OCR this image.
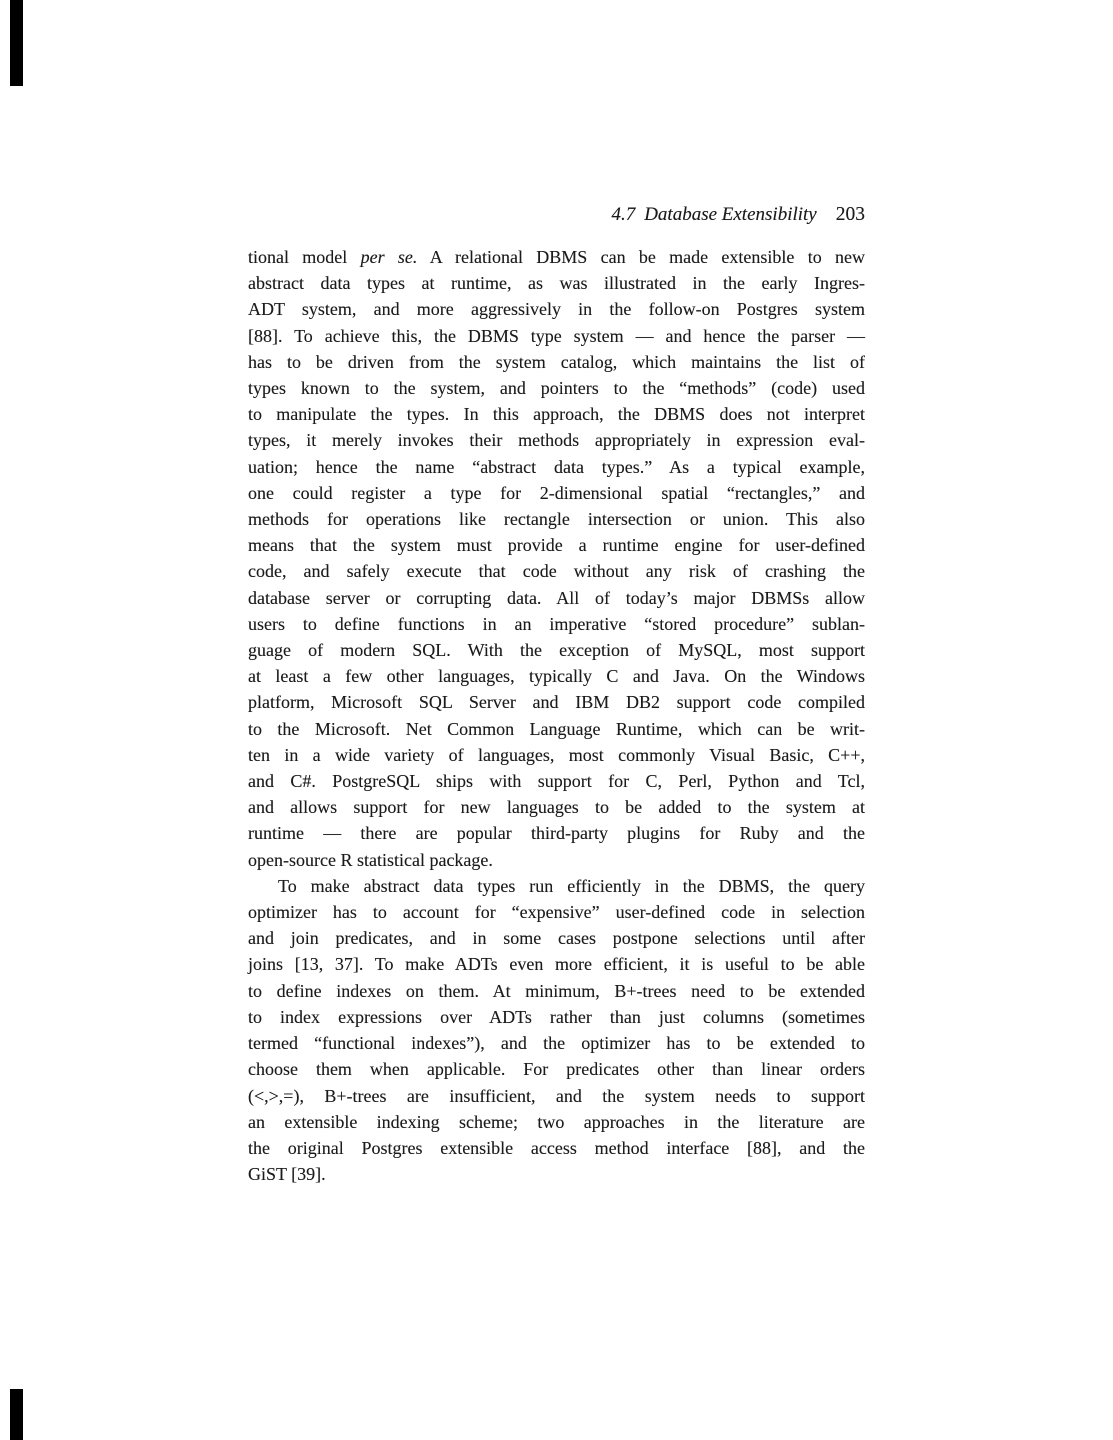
4.7 Database Extensibility 203
tional model per se. A relational DBMS can be made extensible to new
abstract data types at runtime, as was illustrated in the early Ingres-
ADT system, and more aggressively in the follow-on Postgres system
[88]. To achieve this, the DBMS type system — and hence the parser —
has to be driven from the system catalog, which maintains the list of
types known to the system, and pointers to the “methods” (code) used
to manipulate the types. In this approach, the DBMS does not interpret
types, it merely invokes their methods appropriately in expression eval-
uation; hence the name “abstract data types.” As a typical example,
one could register a type for 2-dimensional spatial “rectangles,” and
methods for operations like rectangle intersection or union. This also
means that the system must provide a runtime engine for user-defined
code, and safely execute that code without any risk of crashing the
database server or corrupting data. All of today’s major DBMSs allow
users to define functions in an imperative “stored procedure” sublan-
guage of modern SQL. With the exception of MySQL, most support
at least a few other languages, typically C and Java. On the Windows
platform, Microsoft SQL Server and IBM DB2 support code compiled
to the Microsoft. Net Common Language Runtime, which can be writ-
ten in a wide variety of languages, most commonly Visual Basic, C++,
and C#. PostgreSQL ships with support for C, Perl, Python and Tcl,
and allows support for new languages to be added to the system at
runtime — there are popular third-party plugins for Ruby and the
open-source R statistical package.
To make abstract data types run efficiently in the DBMS, the query
optimizer has to account for “expensive” user-defined code in selection
and join predicates, and in some cases postpone selections until after
joins [13, 37]. To make ADTs even more efficient, it is useful to be able
to define indexes on them. At minimum, B+-trees need to be extended
to index expressions over ADTs rather than just columns (sometimes
termed “functional indexes”), and the optimizer has to be extended to
choose them when applicable. For predicates other than linear orders
(<,>,=), B+-trees are insufficient, and the system needs to support
an extensible indexing scheme; two approaches in the literature are
the original Postgres extensible access method interface [88], and the
GiST [39].
